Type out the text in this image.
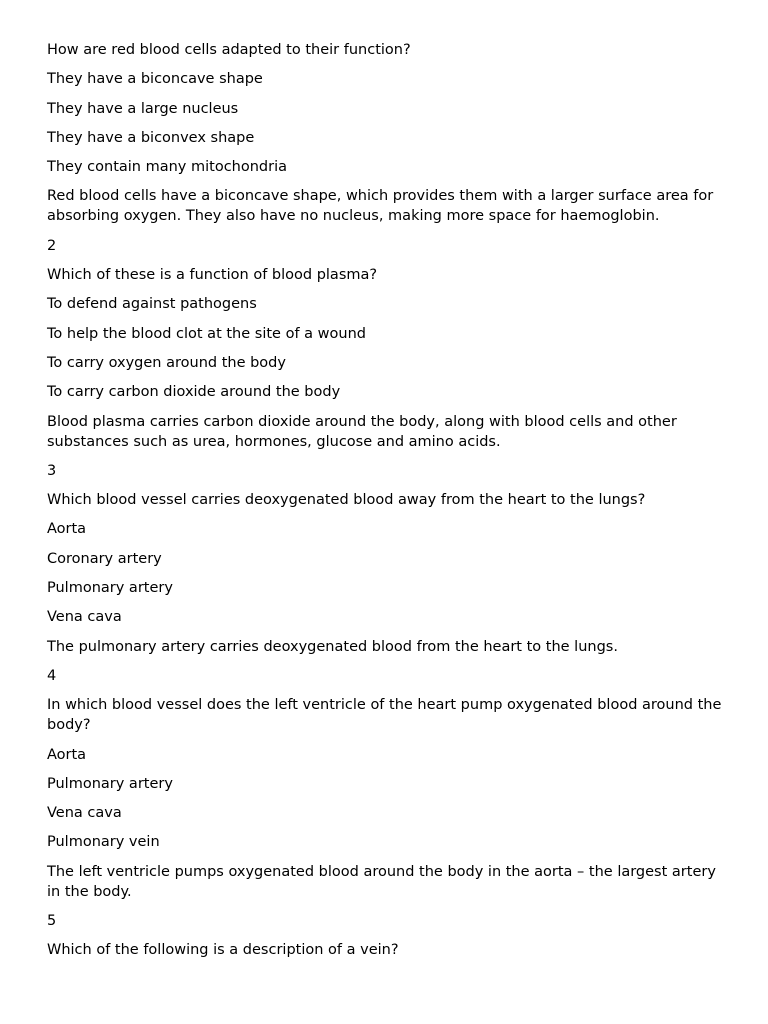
How are red blood cells adapted to their function?

They have a biconcave shape

They have a large nucleus

They have a biconvex shape

They contain many mitochondria

Red blood cells have a biconcave shape, which provides them with a larger surface area for absorbing oxygen. They also have no nucleus, making more space for haemoglobin.

2

Which of these is a function of blood plasma?

To defend against pathogens

To help the blood clot at the site of a wound

To carry oxygen around the body

To carry carbon dioxide around the body

Blood plasma carries carbon dioxide around the body, along with blood cells and other substances such as urea, hormones, glucose and amino acids.

3

Which blood vessel carries deoxygenated blood away from the heart to the lungs?

Aorta

Coronary artery

Pulmonary artery

Vena cava

The pulmonary artery carries deoxygenated blood from the heart to the lungs.

4

In which blood vessel does the left ventricle of the heart pump oxygenated blood around the body?

Aorta

Pulmonary artery

Vena cava

Pulmonary vein

The left ventricle pumps oxygenated blood around the body in the aorta – the largest artery in the body.

5

Which of the following is a description of a vein?
